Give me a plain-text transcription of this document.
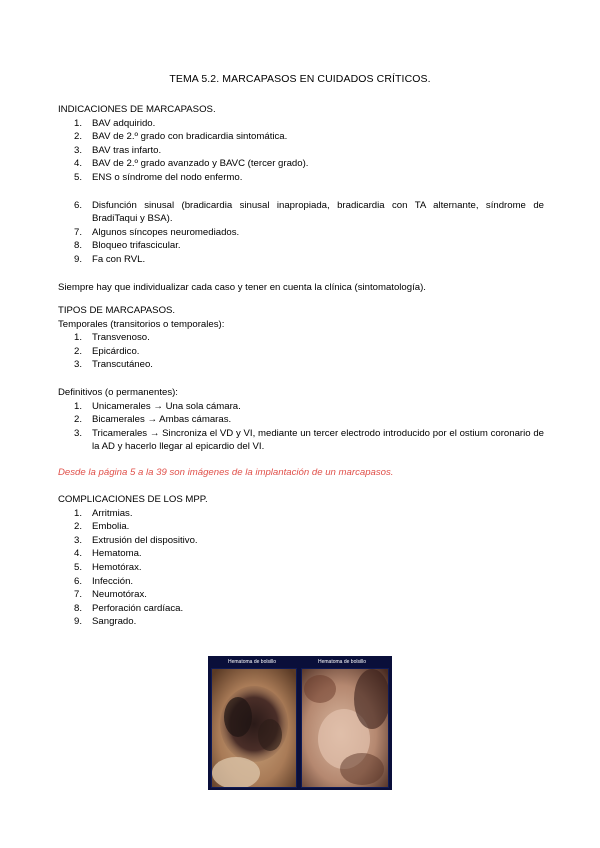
TEMA 5.2. MARCAPASOS EN CUIDADOS CRÍTICOS.

INDICACIONES DE MARCAPASOS.

1. BAV adquirido.
2. BAV de 2.º grado con bradicardia sintomática.
3. BAV tras infarto.
4. BAV de 2.º grado avanzado y BAVC (tercer grado).
5. ENS o síndrome del nodo enfermo.
6. Disfunción sinusal (bradicardia sinusal inapropiada, bradicardia con TA alternante, síndrome de BradiTaqui y BSA).
7. Algunos síncopes neuromediados.
8. Bloqueo trifascicular.
9. Fa con RVL.

Siempre hay que individualizar cada caso y tener en cuenta la clínica (sintomatología).

TIPOS DE MARCAPASOS.

Temporales (transitorios o temporales):

1. Transvenoso.
2. Epicárdico.
3. Transcutáneo.

Definitivos (o permanentes):

1. Unicamerales → Una sola cámara.
2. Bicamerales → Ambas cámaras.
3. Tricamerales → Sincroniza el VD y VI, mediante un tercer electrodo introducido por el ostium coronario de la AD y hacerlo llegar al epicardio del VI.
Desde la página 5 a la 39 son imágenes de la implantación de un marcapasos.

COMPLICACIONES DE LOS MPP.

1. Arritmias.
2. Embolia.
3. Extrusión del dispositivo.
4. Hematoma.
5. Hemotórax.
6. Infección.
7. Neumotórax.
8. Perforación cardíaca.
9. Sangrado.
Hematoma de bolsillo	Hematoma de bolsillo
